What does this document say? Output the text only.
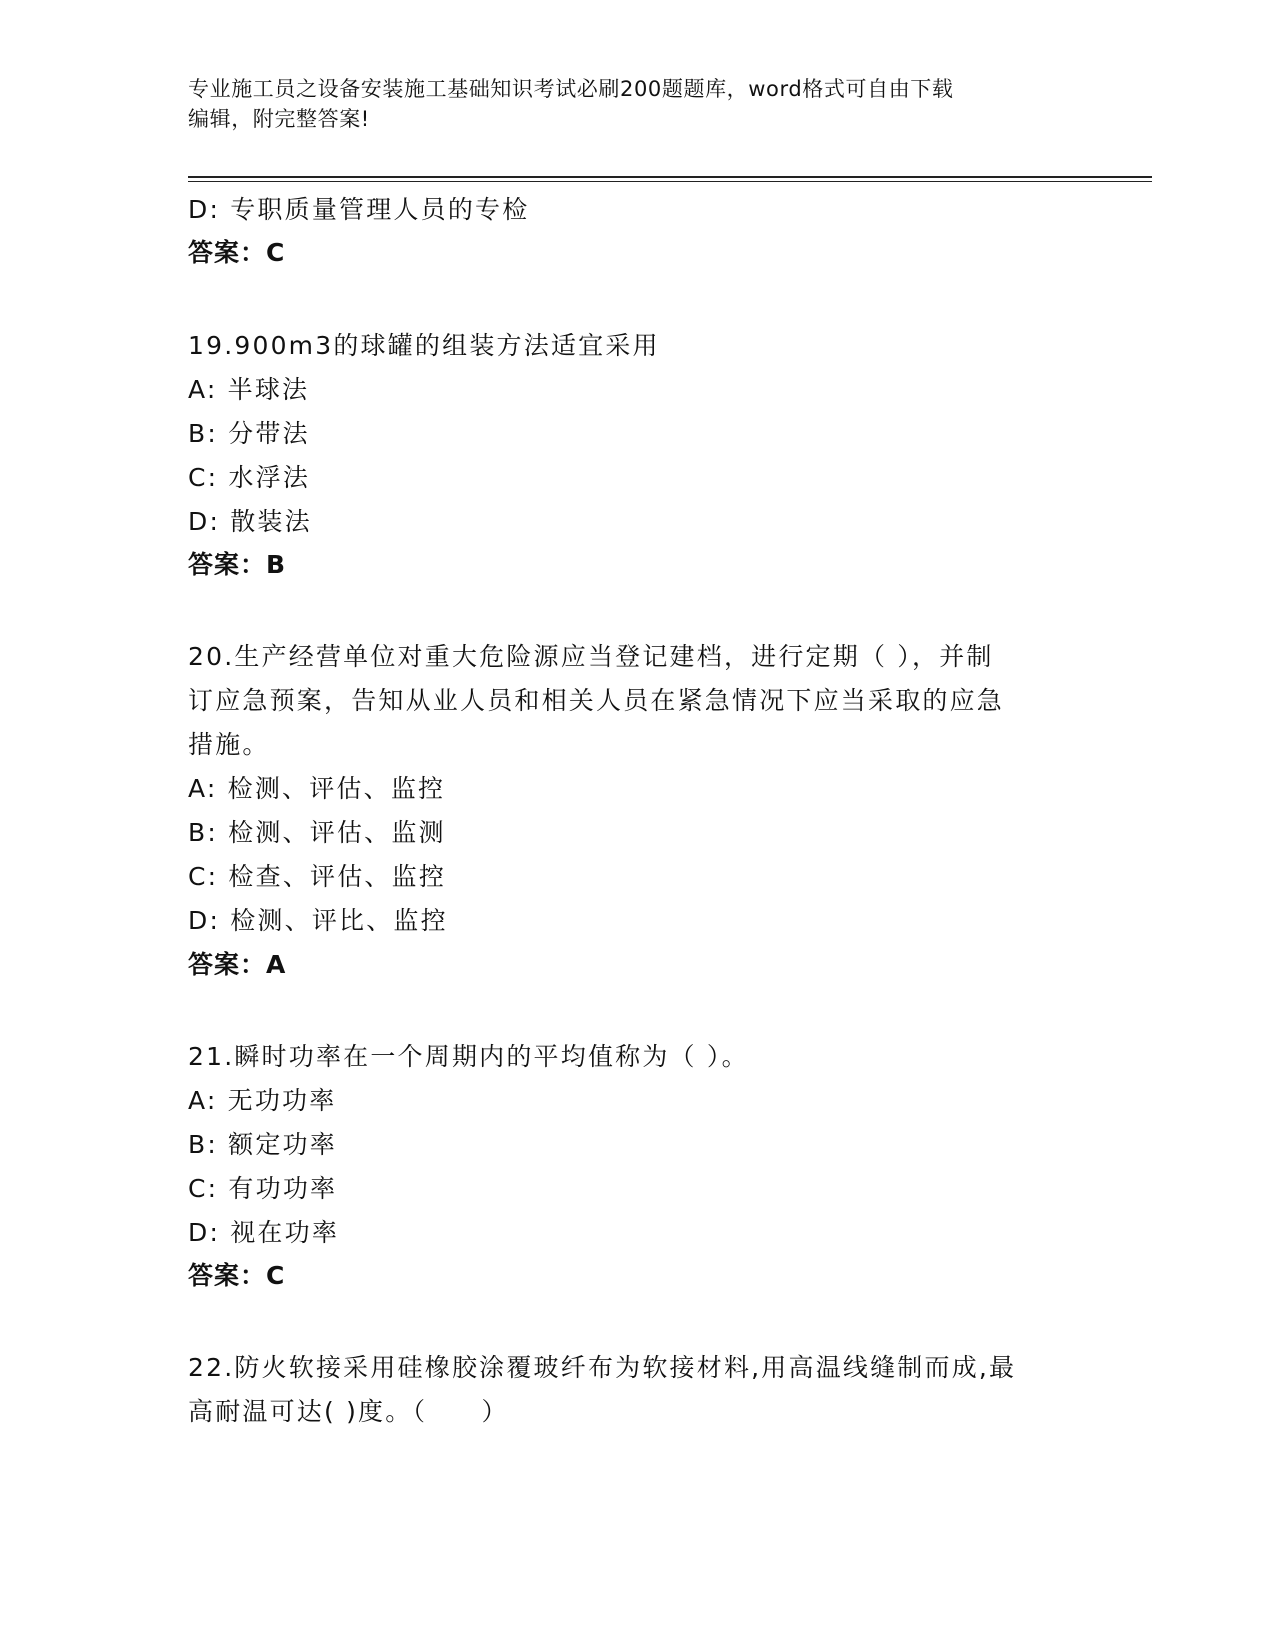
专业施工员之设备安装施工基础知识考试必刷200题题库，word格式可自由下载
编辑，附完整答案!
D: 专职质量管理人员的专检
答案：C
19.900m3的球罐的组装方法适宜采用
A: 半球法
B: 分带法
C: 水浮法
D: 散装法
答案：B
20.生产经营单位对重大危险源应当登记建档，进行定期（ ），并制
订应急预案，告知从业人员和相关人员在紧急情况下应当采取的应急
措施。
A: 检测、评估、监控
B: 检测、评估、监测
C: 检查、评估、监控
D: 检测、评比、监控
答案：A
21.瞬时功率在一个周期内的平均值称为（ ）。
A: 无功功率
B: 额定功率
C: 有功功率
D: 视在功率
答案：C
22.防火软接采用硅橡胶涂覆玻纤布为软接材料,用高温线缝制而成,最
高耐温可达( )度。（　　）
